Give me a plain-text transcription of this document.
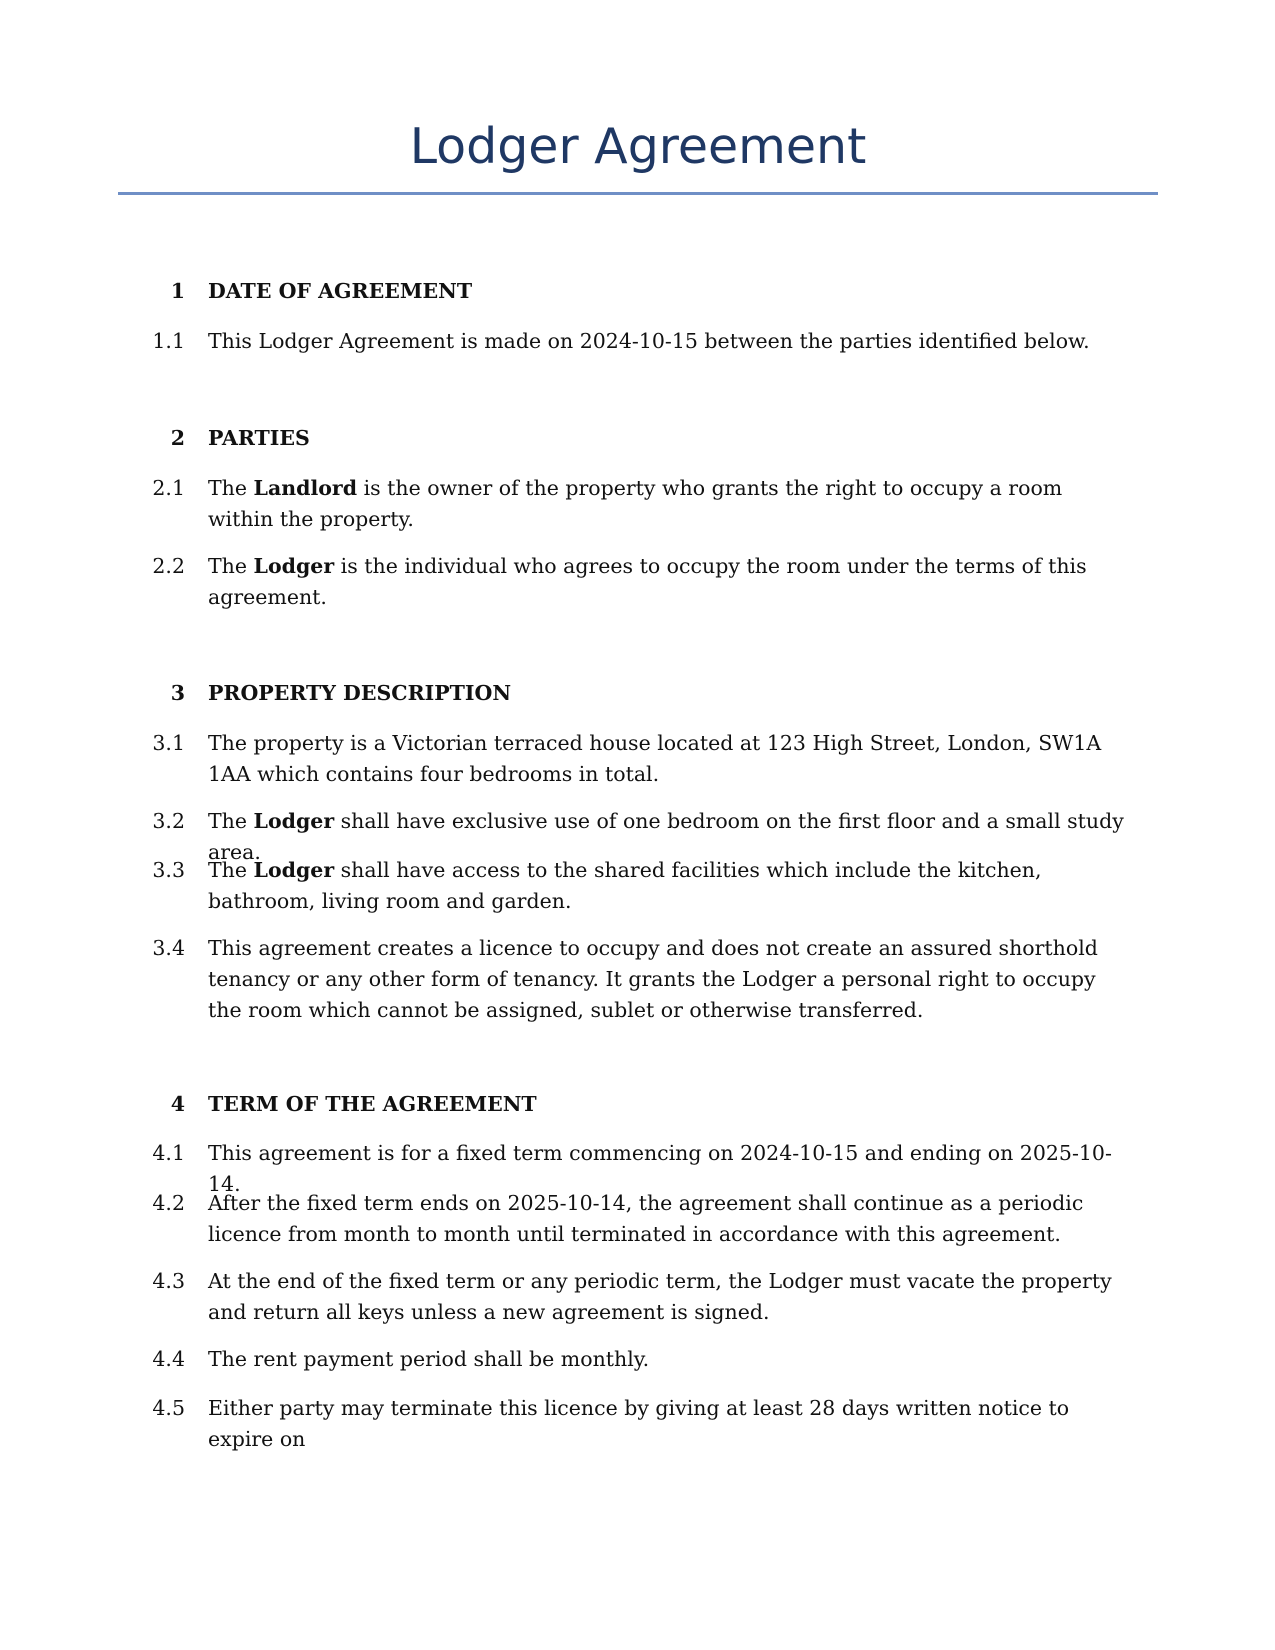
Lodger Agreement
1 DATE OF AGREEMENT
1.1 This Lodger Agreement is made on 2024-10-15 between the parties identified below.
2 PARTIES
2.1 The Landlord is the owner of the property who grants the right to occupy a room within the property.
2.2 The Lodger is the individual who agrees to occupy the room under the terms of this agreement.
3 PROPERTY DESCRIPTION
3.1 The property is a Victorian terraced house located at 123 High Street, London, SW1A 1AA which contains four bedrooms in total.
3.2 The Lodger shall have exclusive use of one bedroom on the first floor and a small study area.
3.3 The Lodger shall have access to the shared facilities which include the kitchen, bathroom, living room and garden.
3.4 This agreement creates a licence to occupy and does not create an assured shorthold tenancy or any other form of tenancy. It grants the Lodger a personal right to occupy the room which cannot be assigned, sublet or otherwise transferred.
4 TERM OF THE AGREEMENT
4.1 This agreement is for a fixed term commencing on 2024-10-15 and ending on 2025-10-14.
4.2 After the fixed term ends on 2025-10-14, the agreement shall continue as a periodic licence from month to month until terminated in accordance with this agreement.
4.3 At the end of the fixed term or any periodic term, the Lodger must vacate the property and return all keys unless a new agreement is signed.
4.4 The rent payment period shall be monthly.
4.5 Either party may terminate this licence by giving at least 28 days written notice to expire on
